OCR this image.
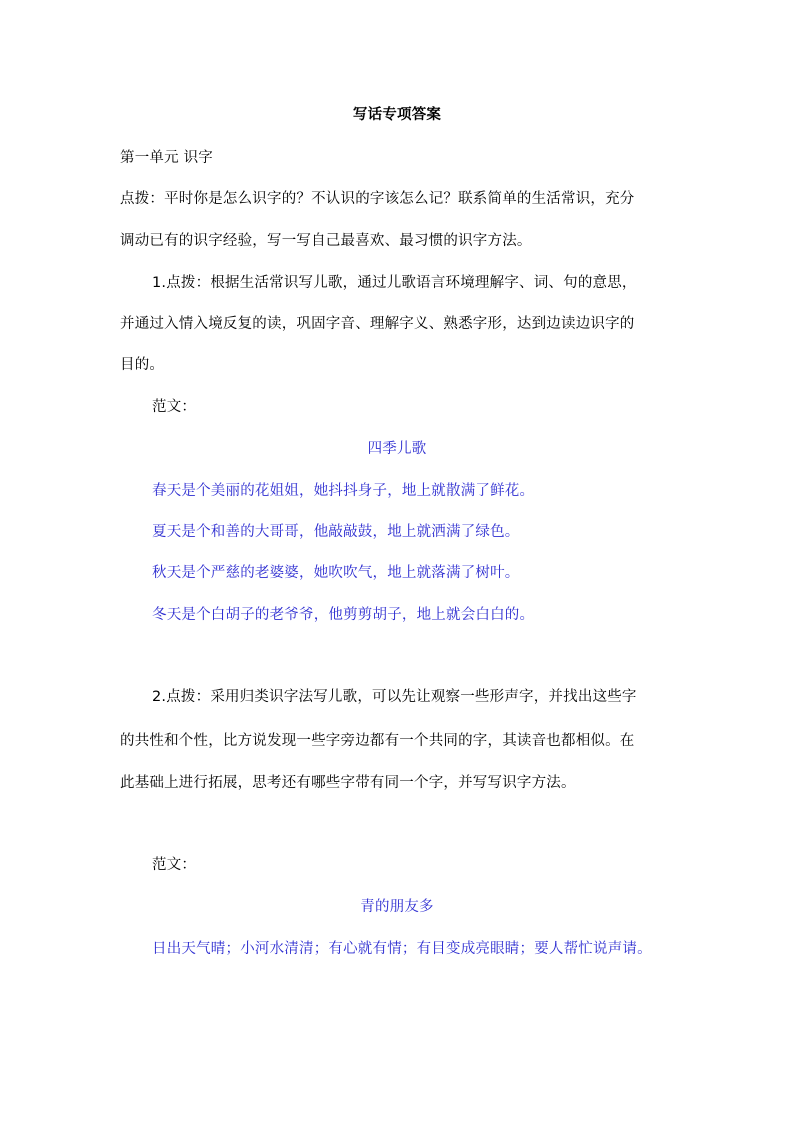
写话专项答案
第一单元 识字
点拨：平时你是怎么识字的？不认识的字该怎么记？联系简单的生活常识，充分
调动已有的识字经验，写一写自己最喜欢、最习惯的识字方法。
1.点拨：根据生活常识写儿歌，通过儿歌语言环境理解字、词、句的意思，
并通过入情入境反复的读，巩固字音、理解字义、熟悉字形，达到边读边识字的
目的。
范文：
四季儿歌
春天是个美丽的花姐姐，她抖抖身子，地上就散满了鲜花。
夏天是个和善的大哥哥，他敲敲鼓，地上就洒满了绿色。
秋天是个严慈的老婆婆，她吹吹气，地上就落满了树叶。
冬天是个白胡子的老爷爷，他剪剪胡子，地上就会白白的。
2.点拨：采用归类识字法写儿歌，可以先让观察一些形声字，并找出这些字
的共性和个性，比方说发现一些字旁边都有一个共同的字，其读音也都相似。在
此基础上进行拓展，思考还有哪些字带有同一个字，并写写识字方法。
范文：
青的朋友多
日出天气晴；小河水清清；有心就有情；有目变成亮眼睛；要人帮忙说声请。
